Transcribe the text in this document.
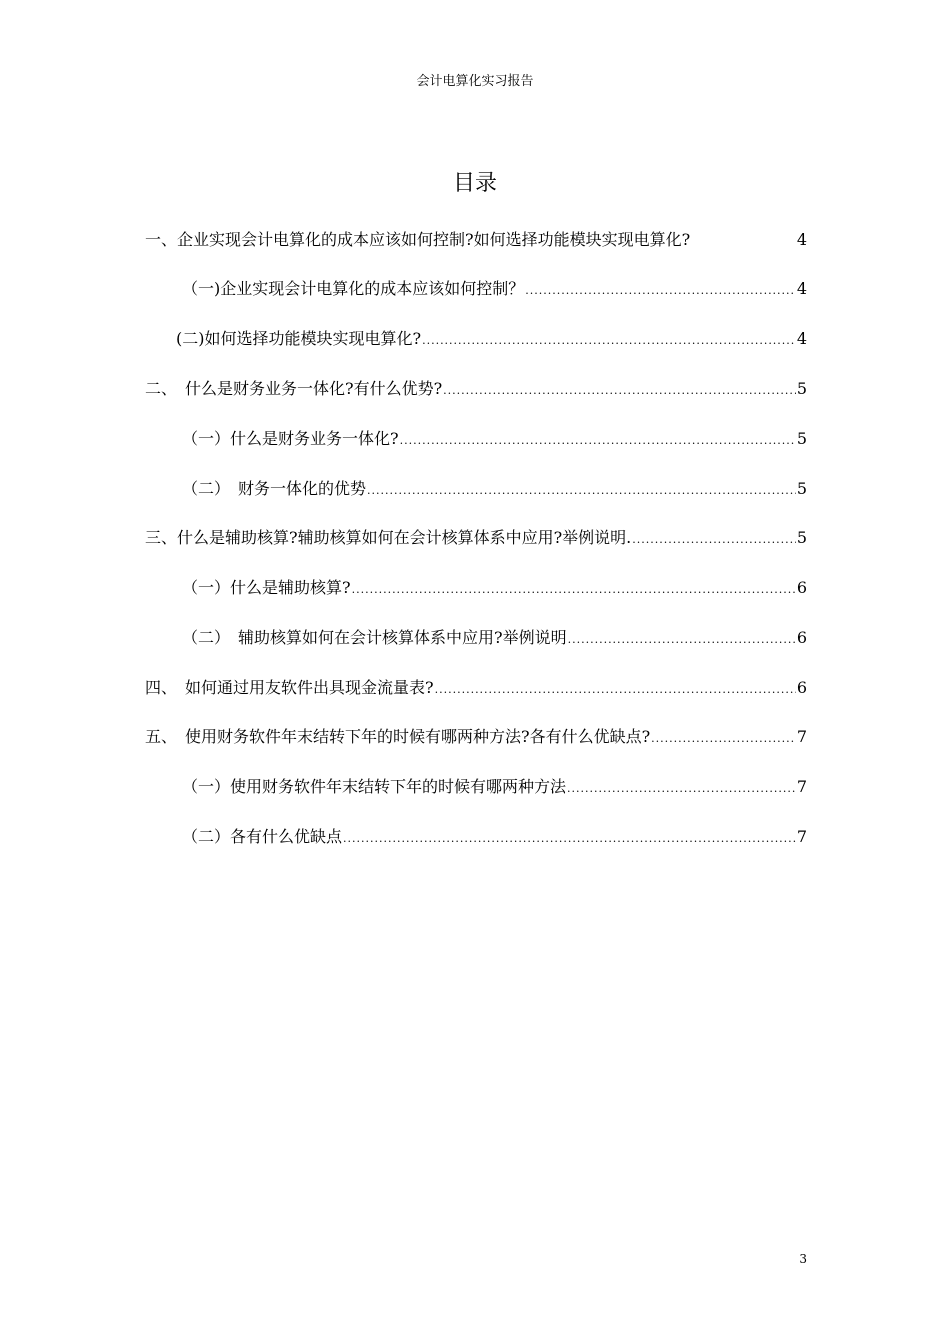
会计电算化实习报告
目录
一、企业实现会计电算化的成本应该如何控制?如何选择功能模块实现电算化?	4
（一)企业实现会计电算化的成本应该如何控制？ .....	4
(二)如何选择功能模块实现电算化? .....	4
二、　什么是财务业务一体化?有什么优势? .....	5
（一）什么是财务业务一体化? .....	5
（二）　财务一体化的优势 .....	5
三、什么是辅助核算?辅助核算如何在会计核算体系中应用?举例说明. .....	5
（一）什么是辅助核算? .....	6
（二）　辅助核算如何在会计核算体系中应用?举例说明 .....	6
四、　如何通过用友软件出具现金流量表? .....	6
五、　使用财务软件年末结转下年的时候有哪两种方法?各有什么优缺点? .....	7
（一）使用财务软件年末结转下年的时候有哪两种方法 .....	7
（二）各有什么优缺点 .....	7
3
